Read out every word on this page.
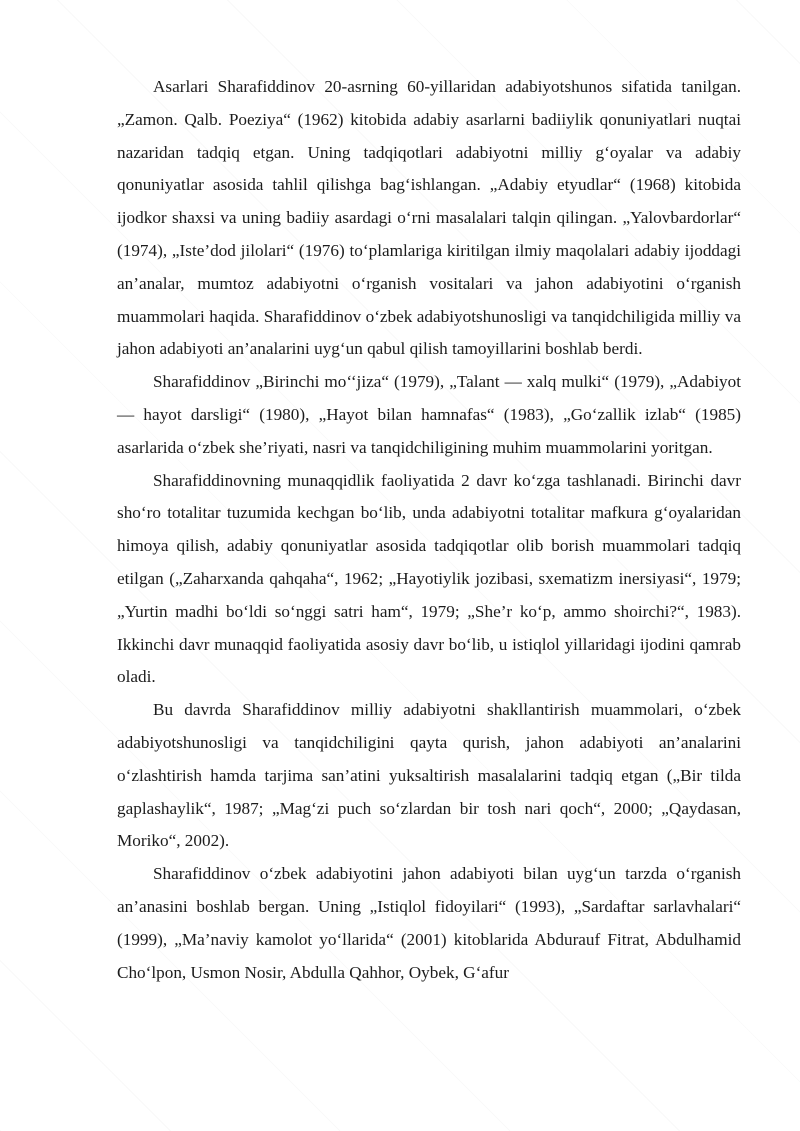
Asarlari Sharafiddinov 20-asrning 60-yillaridan adabiyotshunos sifatida tanilgan. „Zamon. Qalb. Poeziya“ (1962) kitobida adabiy asarlarni badiiylik qonuniyatlari nuqtai nazaridan tadqiq etgan. Uning tadqiqotlari adabiyotni milliy g‘oyalar va adabiy qonuniyatlar asosida tahlil qilishga bag‘ishlangan. „Adabiy etyudlar“ (1968) kitobida ijodkor shaxsi va uning badiiy asardagi o‘rni masalalari talqin qilingan. „Yalovbardorlar“ (1974), „Iste’dod jilolari“ (1976) to‘plamlariga kiritilgan ilmiy maqolalari adabiy ijoddagi an’analar, mumtoz adabiyotni o‘rganish vositalari va jahon adabiyotini o‘rganish muammolari haqida. Sharafiddinov o‘zbek adabiyotshunosligi va tanqidchiligida milliy va jahon adabiyoti an’analarini uyg‘un qabul qilish tamoyillarini boshlab berdi.

Sharafiddinov „Birinchi mo‘‘jiza“ (1979), „Talant — xalq mulki“ (1979), „Adabiyot — hayot darsligi“ (1980), „Hayot bilan hamnafas“ (1983), „Go‘zallik izlab“ (1985) asarlarida o‘zbek she’riyati, nasri va tanqidchiligining muhim muammolarini yoritgan.

Sharafiddinovning munaqqidlik faoliyatida 2 davr ko‘zga tashlanadi. Birinchi davr sho‘ro totalitar tuzumida kechgan bo‘lib, unda adabiyotni totalitar mafkura g‘oyalaridan himoya qilish, adabiy qonuniyatlar asosida tadqiqotlar olib borish muammolari tadqiq etilgan („Zaharxanda qahqaha“, 1962; „Hayotiylik jozibasi, sxematizm inersiyasi“, 1979; „Yurtin madhi bo‘ldi so‘nggi satri ham“, 1979; „She’r ko‘p, ammo shoirchi?“, 1983). Ikkinchi davr munaqqid faoliyatida asosiy davr bo‘lib, u istiqlol yillaridagi ijodini qamrab oladi.

Bu davrda Sharafiddinov milliy adabiyotni shakllantirish muammolari, o‘zbek adabiyotshunosligi va tanqidchiligini qayta qurish, jahon adabiyoti an’analarini o‘zlashtirish hamda tarjima san’atini yuksaltirish masalalarini tadqiq etgan („Bir tilda gaplashaylik“, 1987; „Mag‘zi puch so‘zlardan bir tosh nari qoch“, 2000; „Qaydasan, Moriko“, 2002).

Sharafiddinov o‘zbek adabiyotini jahon adabiyoti bilan uyg‘un tarzda o‘rganish an’anasini boshlab bergan. Uning „Istiqlol fidoyilari“ (1993), „Sardaftar sarlavhalari“ (1999), „Ma’naviy kamolot yo‘llarida“ (2001) kitoblarida Abdurauf Fitrat, Abdulhamid Cho‘lpon, Usmon Nosir, Abdulla Qahhor, Oybek, G‘afur
